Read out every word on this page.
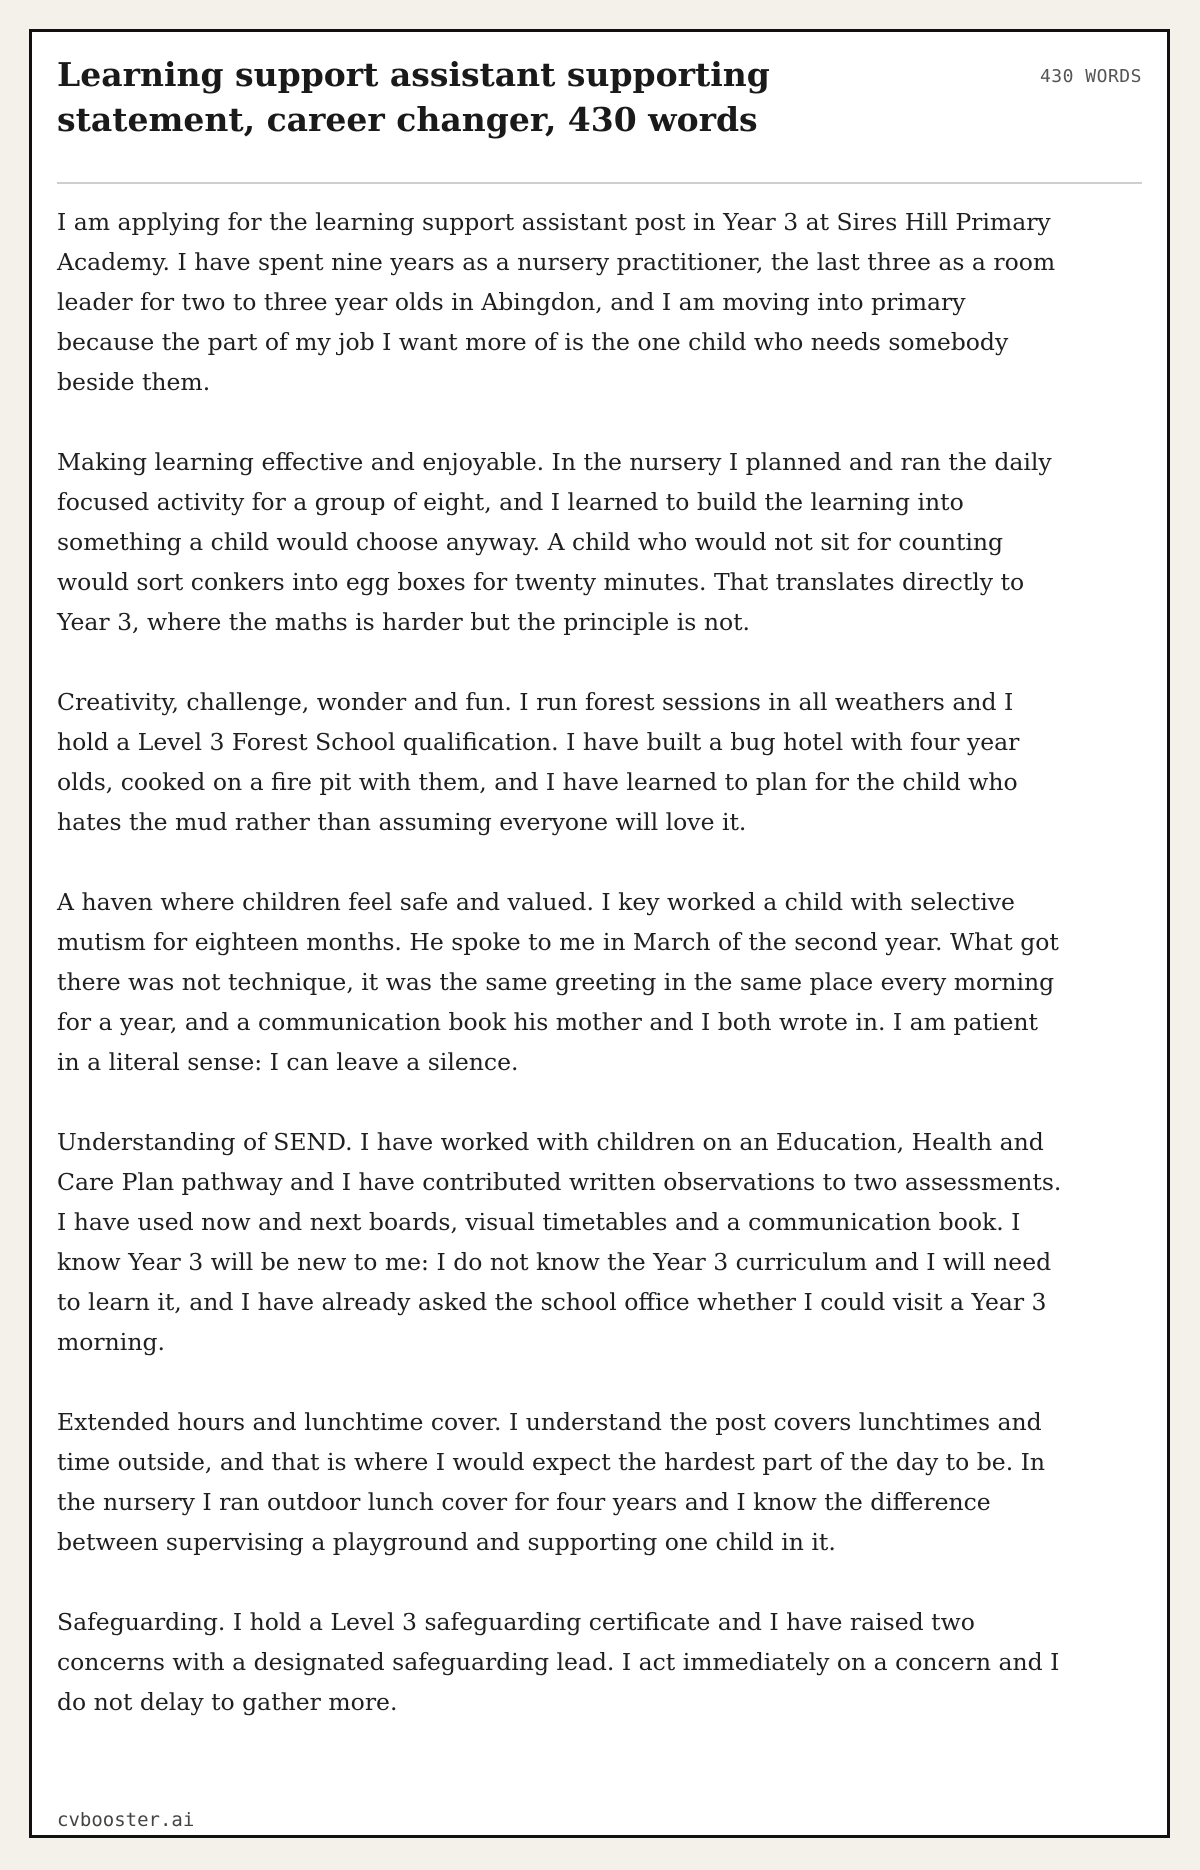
Learning support assistant supporting statement, career changer, 430 words
430 WORDS

I am applying for the learning support assistant post in Year 3 at Sires Hill Primary Academy. I have spent nine years as a nursery practitioner, the last three as a room leader for two to three year olds in Abingdon, and I am moving into primary because the part of my job I want more of is the one child who needs somebody beside them.

Making learning effective and enjoyable. In the nursery I planned and ran the daily focused activity for a group of eight, and I learned to build the learning into something a child would choose anyway. A child who would not sit for counting would sort conkers into egg boxes for twenty minutes. That translates directly to Year 3, where the maths is harder but the principle is not.

Creativity, challenge, wonder and fun. I run forest sessions in all weathers and I hold a Level 3 Forest School qualification. I have built a bug hotel with four year olds, cooked on a fire pit with them, and I have learned to plan for the child who hates the mud rather than assuming everyone will love it.

A haven where children feel safe and valued. I key worked a child with selective mutism for eighteen months. He spoke to me in March of the second year. What got there was not technique, it was the same greeting in the same place every morning for a year, and a communication book his mother and I both wrote in. I am patient in a literal sense: I can leave a silence.

Understanding of SEND. I have worked with children on an Education, Health and Care Plan pathway and I have contributed written observations to two assessments. I have used now and next boards, visual timetables and a communication book. I know Year 3 will be new to me: I do not know the Year 3 curriculum and I will need to learn it, and I have already asked the school office whether I could visit a Year 3 morning.

Extended hours and lunchtime cover. I understand the post covers lunchtimes and time outside, and that is where I would expect the hardest part of the day to be. In the nursery I ran outdoor lunch cover for four years and I know the difference between supervising a playground and supporting one child in it.

Safeguarding. I hold a Level 3 safeguarding certificate and I have raised two concerns with a designated safeguarding lead. I act immediately on a concern and I do not delay to gather more.

cvbooster.ai
